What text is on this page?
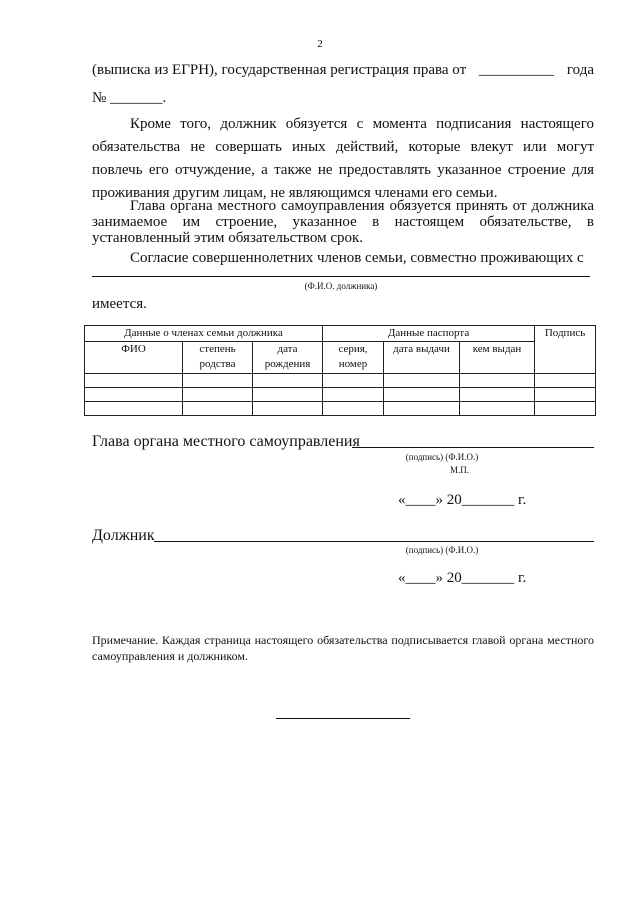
2
(выписка из ЕГРН), государственная регистрация права от __________ года
№ _______.
Кроме того, должник обязуется с момента подписания настоящего обязательства не совершать иных действий, которые влекут или могут повлечь его отчуждение, а также не предоставлять указанное строение для проживания другим лицам, не являющимся членами его семьи.
Глава органа местного самоуправления обязуется принять от должника занимаемое им строение, указанное в настоящем обязательстве, в установленный этим обязательством срок.
Согласие совершеннолетних членов семьи, совместно проживающих с
(Ф.И.О. должника)
имеется.
Данные о членах семьи должника			Данные паспорта			Подпись
ФИО	степень родства	дата рождения	серия, номер	дата выдачи	кем выдан	

Глава органа местного самоуправления
(подпись) (Ф.И.О.)
М.П.
«____» 20_______ г.
Должник
(подпись) (Ф.И.О.)
«____» 20_______ г.
Примечание. Каждая страница настоящего обязательства подписывается главой органа местного самоуправления и должником.
